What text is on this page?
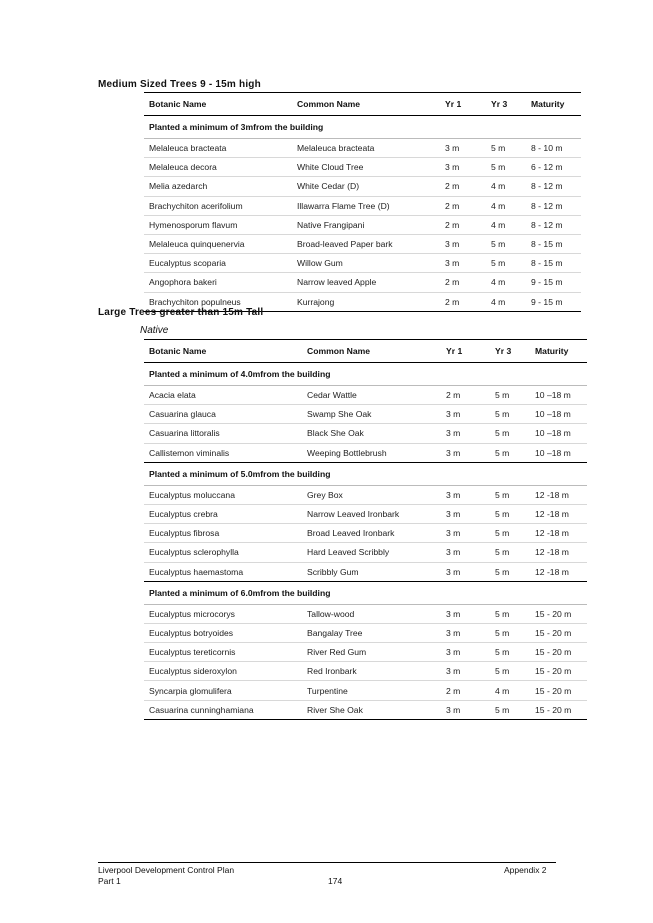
Medium Sized Trees 9 - 15m high
Botanic Name	Common Name	Yr 1	Yr 3	Maturity
Planted a minimum of 3mfrom the building				
Melaleuca bracteata	Melaleuca bracteata	3 m	5 m	8 - 10 m
Melaleuca decora	White Cloud Tree	3 m	5 m	6 - 12 m
Melia azedarch	White Cedar (D)	2 m	4 m	8 - 12 m
Brachychiton acerifolium	Illawarra Flame Tree (D)	2 m	4 m	8 - 12 m
Hymenosporum flavum	Native Frangipani	2 m	4 m	8 - 12 m
Melaleuca quinquenervia	Broad-leaved Paper bark	3 m	5 m	8 - 15 m
Eucalyptus scoparia	Willow Gum	3 m	5 m	8 - 15 m
Angophora bakeri	Narrow leaved Apple	2 m	4 m	9 - 15 m
Brachychiton populneus	Kurrajong	2 m	4 m	9 - 15 m
Large Trees greater than 15m Tall
Native
Botanic Name	Common Name	Yr 1	Yr 3	Maturity
Planted a minimum of 4.0mfrom the building				
Acacia elata	Cedar Wattle	2 m	5 m	10 –18 m
Casuarina glauca	Swamp She Oak	3 m	5 m	10 –18 m
Casuarina littoralis	Black She Oak	3 m	5 m	10 –18 m
Callistemon viminalis	Weeping Bottlebrush	3 m	5 m	10 –18 m
Planted a minimum of 5.0mfrom the building				
Eucalyptus moluccana	Grey Box	3 m	5 m	12 -18 m
Eucalyptus crebra	Narrow Leaved Ironbark	3 m	5 m	12 -18 m
Eucalyptus fibrosa	Broad Leaved Ironbark	3 m	5 m	12 -18 m
Eucalyptus sclerophylla	Hard Leaved Scribbly	3 m	5 m	12 -18 m
Eucalyptus haemastoma	Scribbly Gum	3 m	5 m	12 -18 m
Planted a minimum of 6.0mfrom the building				
Eucalyptus microcorys	Tallow-wood	3 m	5 m	15 - 20 m
Eucalyptus botryoides	Bangalay Tree	3 m	5 m	15 - 20 m
Eucalyptus tereticornis	River Red Gum	3 m	5 m	15 - 20 m
Eucalyptus sideroxylon	Red Ironbark	3 m	5 m	15 - 20 m
Syncarpia glomulifera	Turpentine	2 m	4 m	15 - 20 m
Casuarina cunninghamiana	River She Oak	3 m	5 m	15 - 20 m
Liverpool Development Control Plan
Part 1	174
Appendix 2
